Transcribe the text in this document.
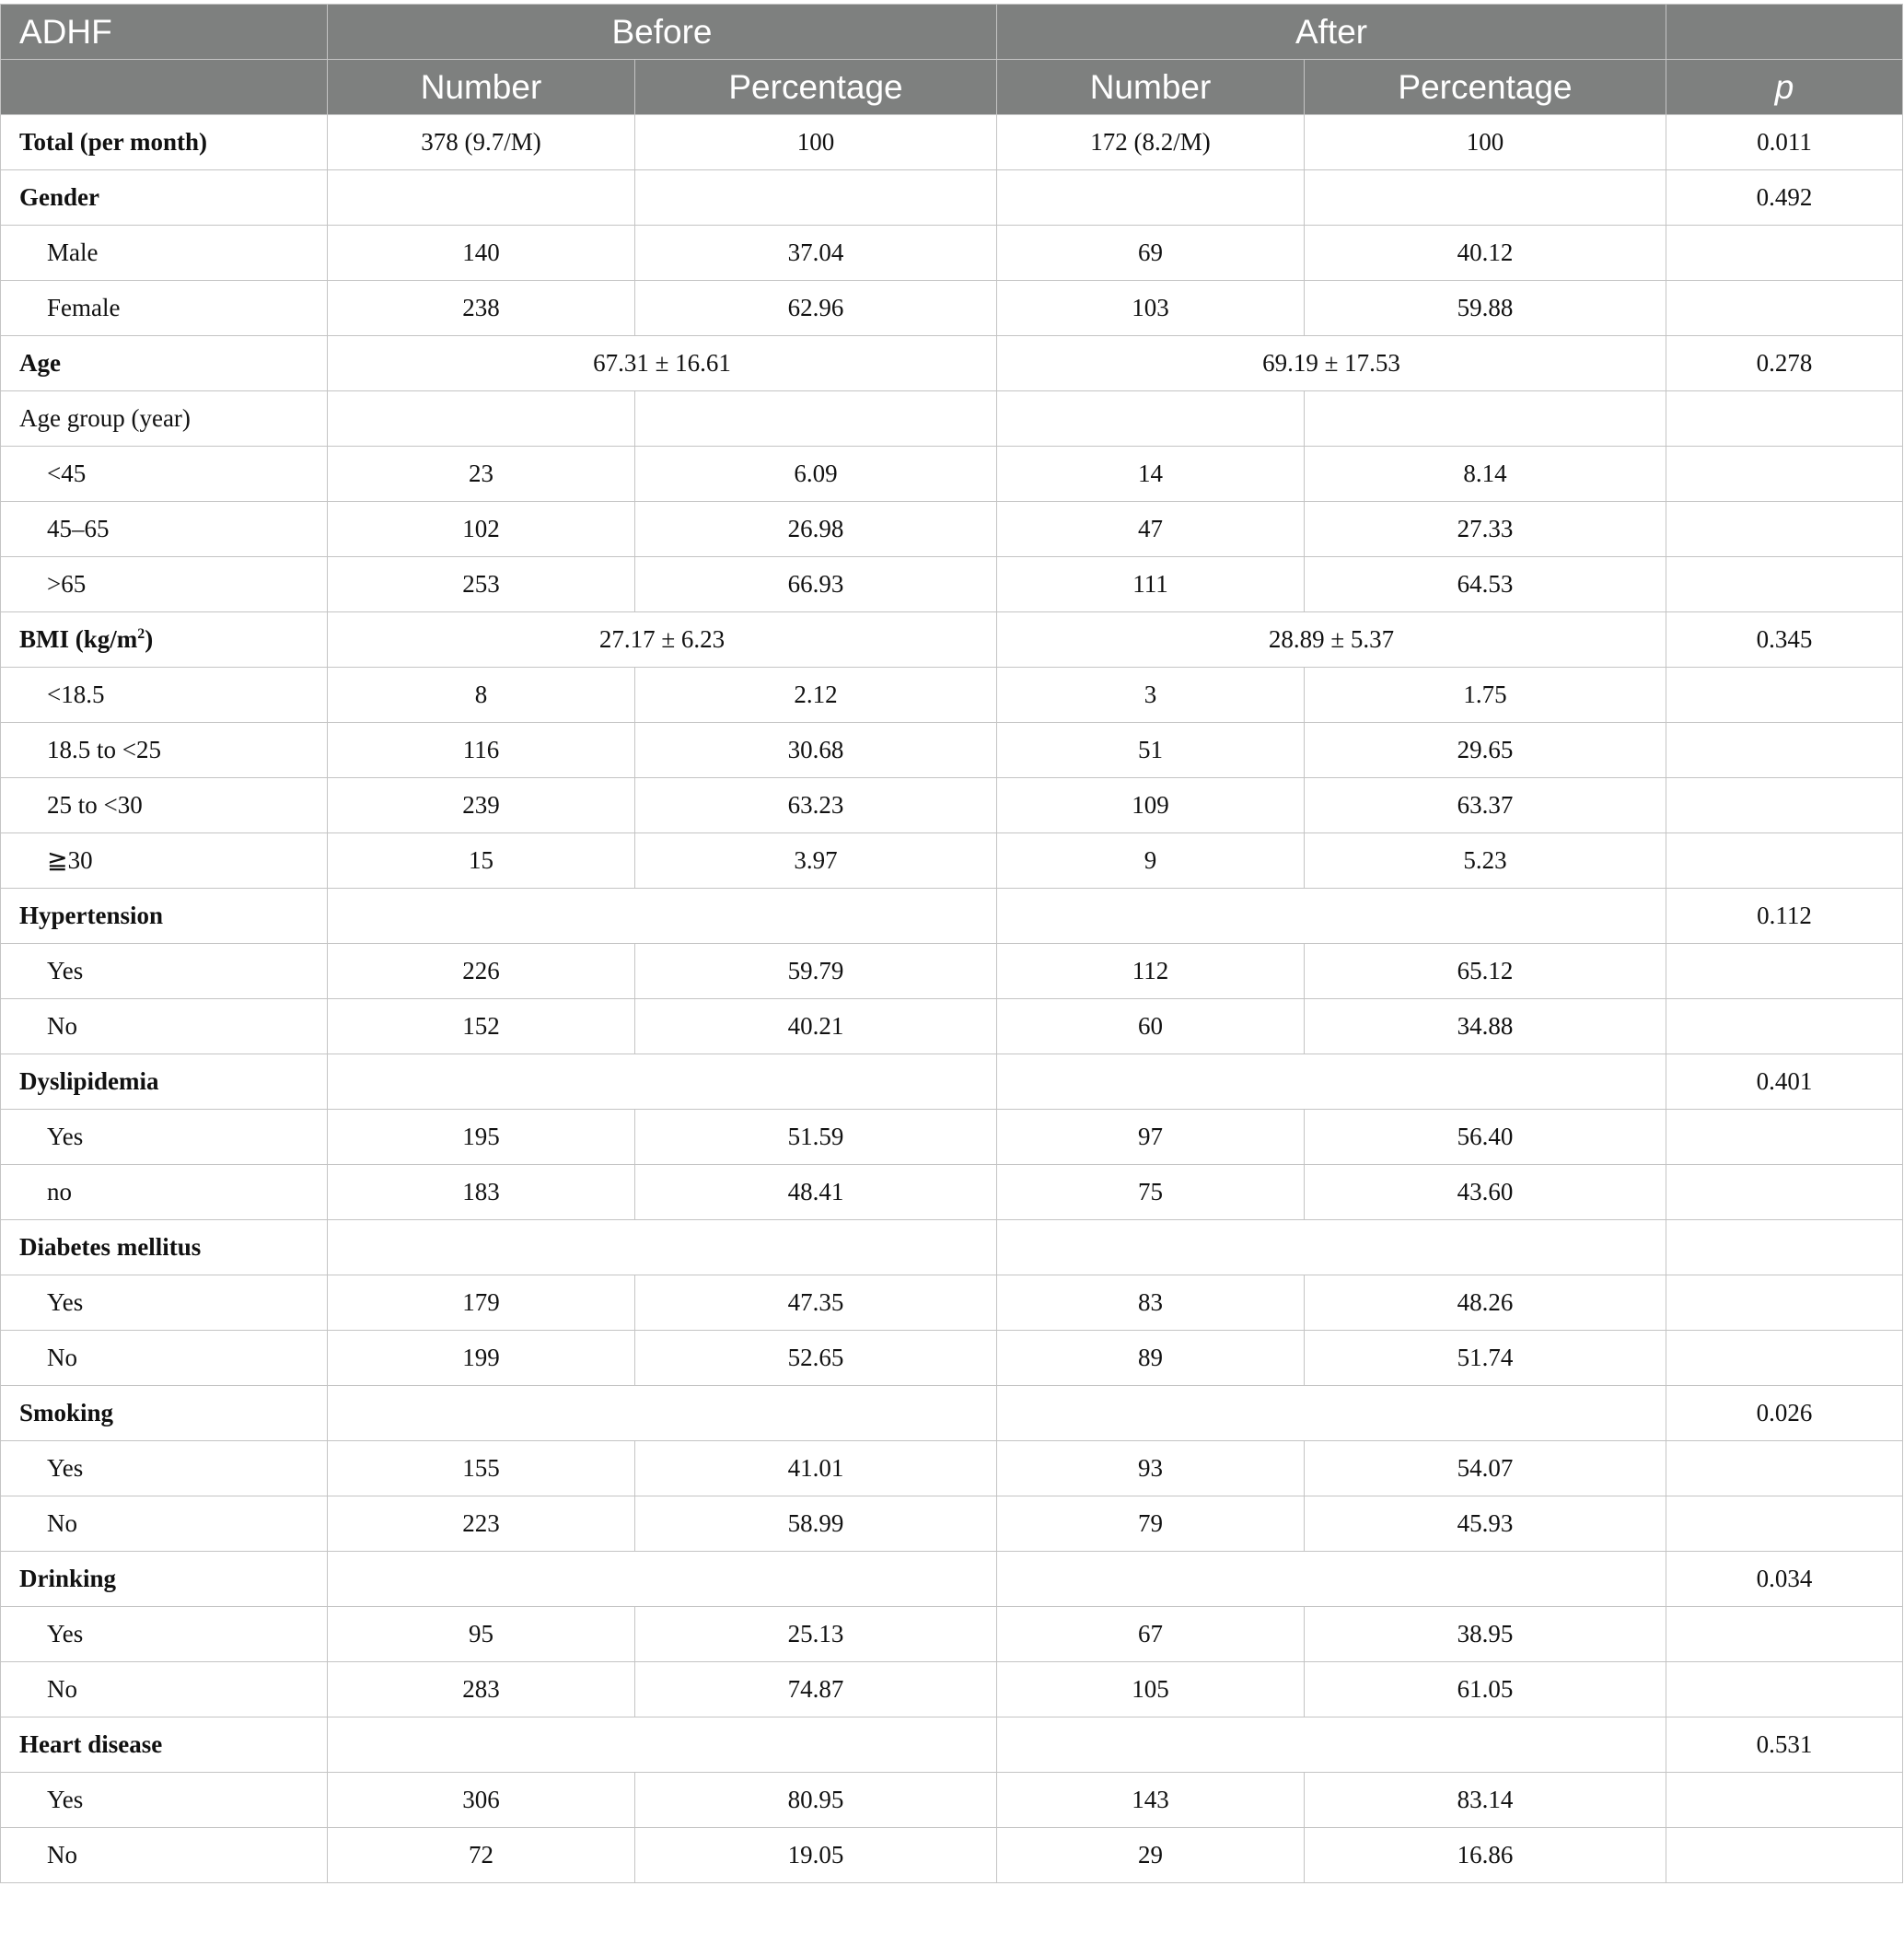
ADHF	Before		After		
	Number	Percentage	Number	Percentage	p
Total (per month)	378 (9.7/M)	100	172 (8.2/M)	100	0.011
Gender					0.492
Male	140	37.04	69	40.12	
Female	238	62.96	103	59.88	
Age	67.31 ± 16.61		69.19 ± 17.53		0.278
Age group (year)					
<45	23	6.09	14	8.14	
45–65	102	26.98	47	27.33	
>65	253	66.93	111	64.53	
BMI $(kg/m^2)$	27.17 ± 6.23		28.89 ± 5.37		0.345
<18.5	8	2.12	3	1.75	
18.5 to <25	116	30.68	51	29.65	
25 to <30	239	63.23	109	63.37	
≧30	15	3.97	9	5.23	
Hypertension					0.112
Yes	226	59.79	112	65.12	
No	152	40.21	60	34.88	
Dyslipidemia					0.401
Yes	195	51.59	97	56.40	
no	183	48.41	75	43.60	
Diabetes mellitus					
Yes	179	47.35	83	48.26	
No	199	52.65	89	51.74	
Smoking					0.026
Yes	155	41.01	93	54.07	
No	223	58.99	79	45.93	
Drinking					0.034
Yes	95	25.13	67	38.95	
No	283	74.87	105	61.05	
Heart disease					0.531
Yes	306	80.95	143	83.14	
No	72	19.05	29	16.86	
